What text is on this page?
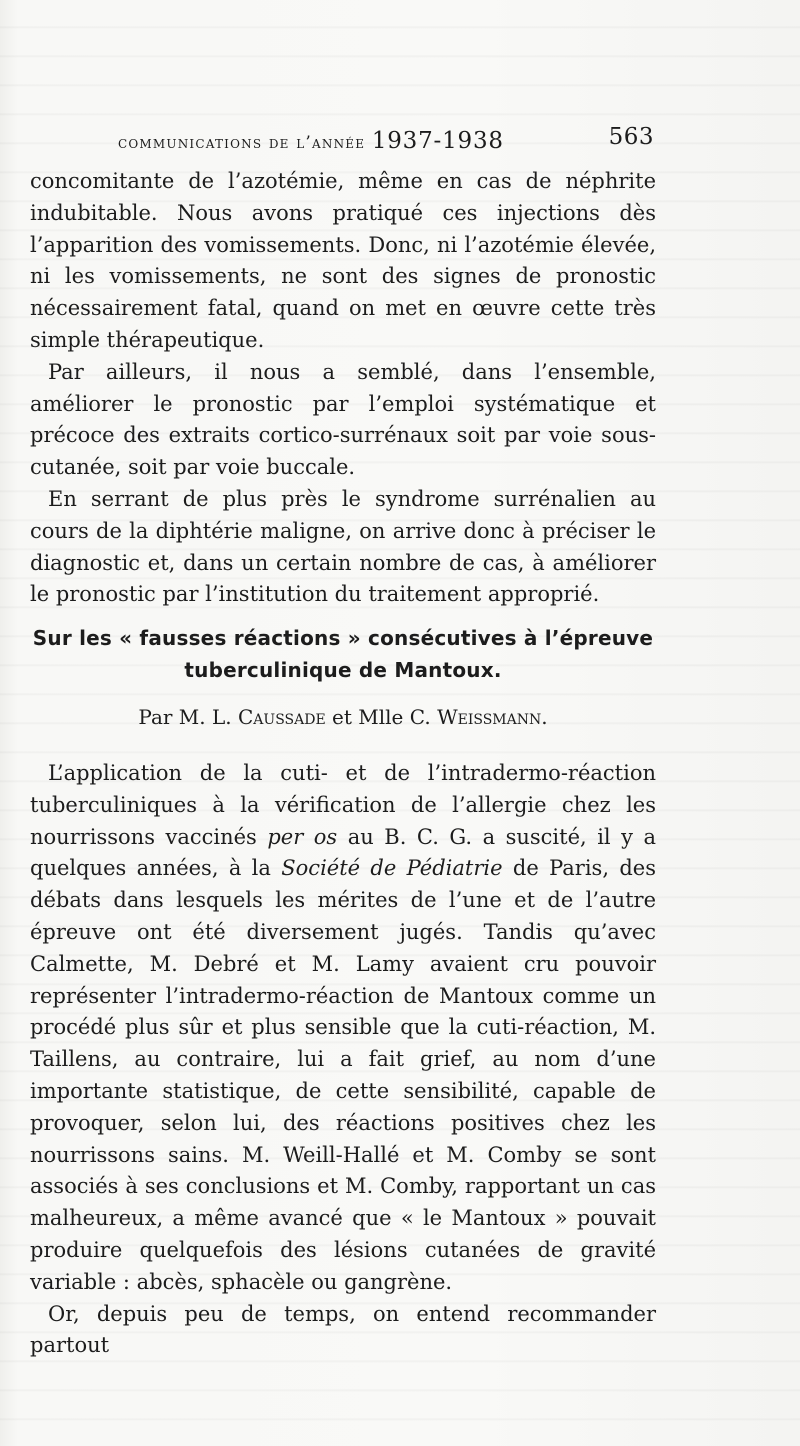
communications de l’année 1937-1938	563

concomitante de l’azotémie, même en cas de néphrite indubitable. Nous avons pratiqué ces injections dès l’apparition des vomissements. Donc, ni l’azotémie élevée, ni les vomissements, ne sont des signes de pronostic nécessairement fatal, quand on met en œuvre cette très simple thérapeutique.

Par ailleurs, il nous a semblé, dans l’ensemble, améliorer le pronostic par l’emploi systématique et précoce des extraits cortico-surrénaux soit par voie sous-cutanée, soit par voie buccale.

En serrant de plus près le syndrome surrénalien au cours de la diphtérie maligne, on arrive donc à préciser le diagnostic et, dans un certain nombre de cas, à améliorer le pronostic par l’institution du traitement approprié.

Sur les « fausses réactions » consécutives à l’épreuve tuberculinique de Mantoux.
Par M. L. Caussade et Mlle C. Weissmann.

L’application de la cuti- et de l’intradermo-réaction tuberculiniques à la vérification de l’allergie chez les nourrissons vaccinés per os au B. C. G. a suscité, il y a quelques années, à la Société de Pédiatrie de Paris, des débats dans lesquels les mérites de l’une et de l’autre épreuve ont été diversement jugés. Tandis qu’avec Calmette, M. Debré et M. Lamy avaient cru pouvoir représenter l’intradermo-réaction de Mantoux comme un procédé plus sûr et plus sensible que la cuti-réaction, M. Taillens, au contraire, lui a fait grief, au nom d’une importante statistique, de cette sensibilité, capable de provoquer, selon lui, des réactions positives chez les nourrissons sains. M. Weill-Hallé et M. Comby se sont associés à ses conclusions et M. Comby, rapportant un cas malheureux, a même avancé que « le Mantoux » pouvait produire quelquefois des lésions cutanées de gravité variable : abcès, sphacèle ou gangrène.

Or, depuis peu de temps, on entend recommander partout
